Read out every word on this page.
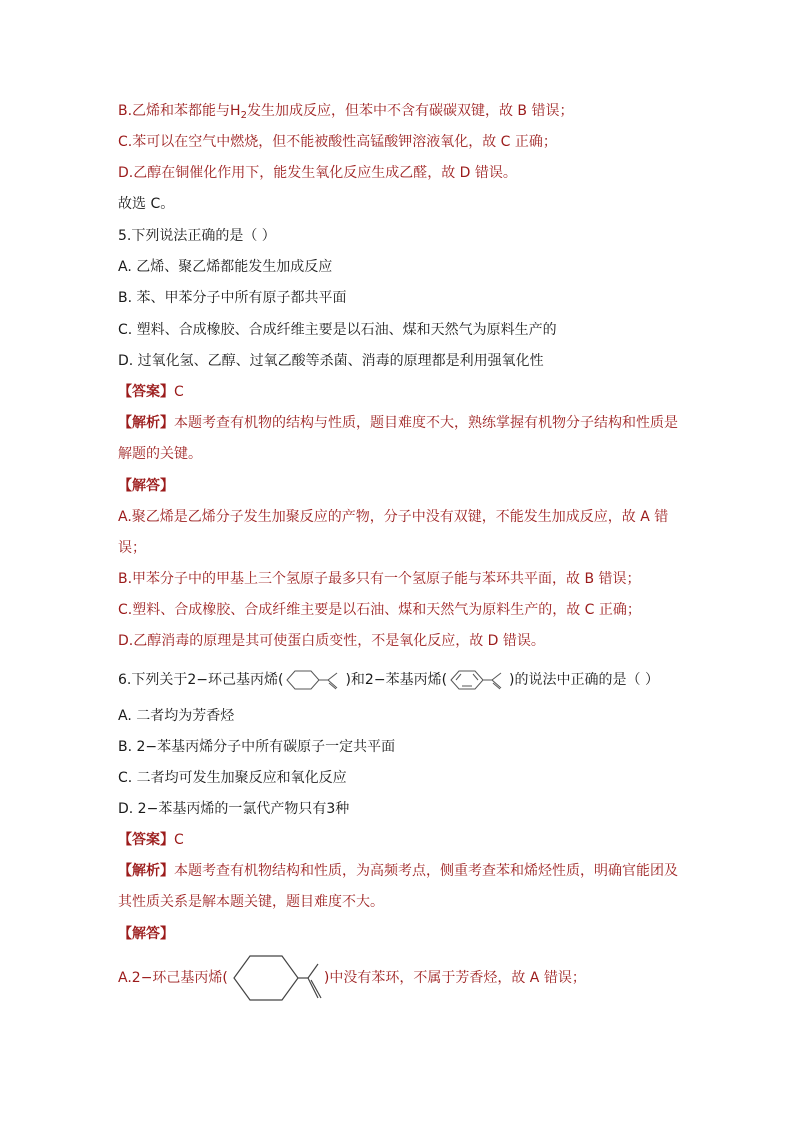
B.乙烯和苯都能与$H_2$发生加成反应，但苯中不含有碳碳双键，故 B 错误；
C.苯可以在空气中燃烧，但不能被酸性高锰酸钾溶液氧化，故 C 正确；
D.乙醇在铜催化作用下，能发生氧化反应生成乙醛，故 D 错误。
故选 C。
5.下列说法正确的是（ ）
A. 乙烯、聚乙烯都能发生加成反应
B. 苯、甲苯分子中所有原子都共平面
C. 塑料、合成橡胶、合成纤维主要是以石油、煤和天然气为原料生产的
D. 过氧化氢、乙醇、过氧乙酸等杀菌、消毒的原理都是利用强氧化性
【答案】C
【解析】本题考查有机物的结构与性质，题目难度不大，熟练掌握有机物分子结构和性质是
解题的关键。
【解答】
A.聚乙烯是乙烯分子发生加聚反应的产物，分子中没有双键，不能发生加成反应，故 A 错
误；
B.甲苯分子中的甲基上三个氢原子最多只有一个氢原子能与苯环共平面，故 B 错误；
C.塑料、合成橡胶、合成纤维主要是以石油、煤和天然气为原料生产的，故 C 正确；
D.乙醇消毒的原理是其可使蛋白质变性，不是氧化反应，故 D 错误。
6.下列关于2−环己基丙烯(	)和2−苯基丙烯(	)的说法中正确的是（ ）
A. 二者均为芳香烃
B. 2−苯基丙烯分子中所有碳原子一定共平面
C. 二者均可发生加聚反应和氧化反应
D. 2−苯基丙烯的一氯代产物只有3种
【答案】C
【解析】本题考查有机物结构和性质，为高频考点，侧重考查苯和烯烃性质，明确官能团及
其性质关系是解本题关键，题目难度不大。
【解答】
A.2−环己基丙烯(	)中没有苯环，不属于芳香烃，故 A 错误；
